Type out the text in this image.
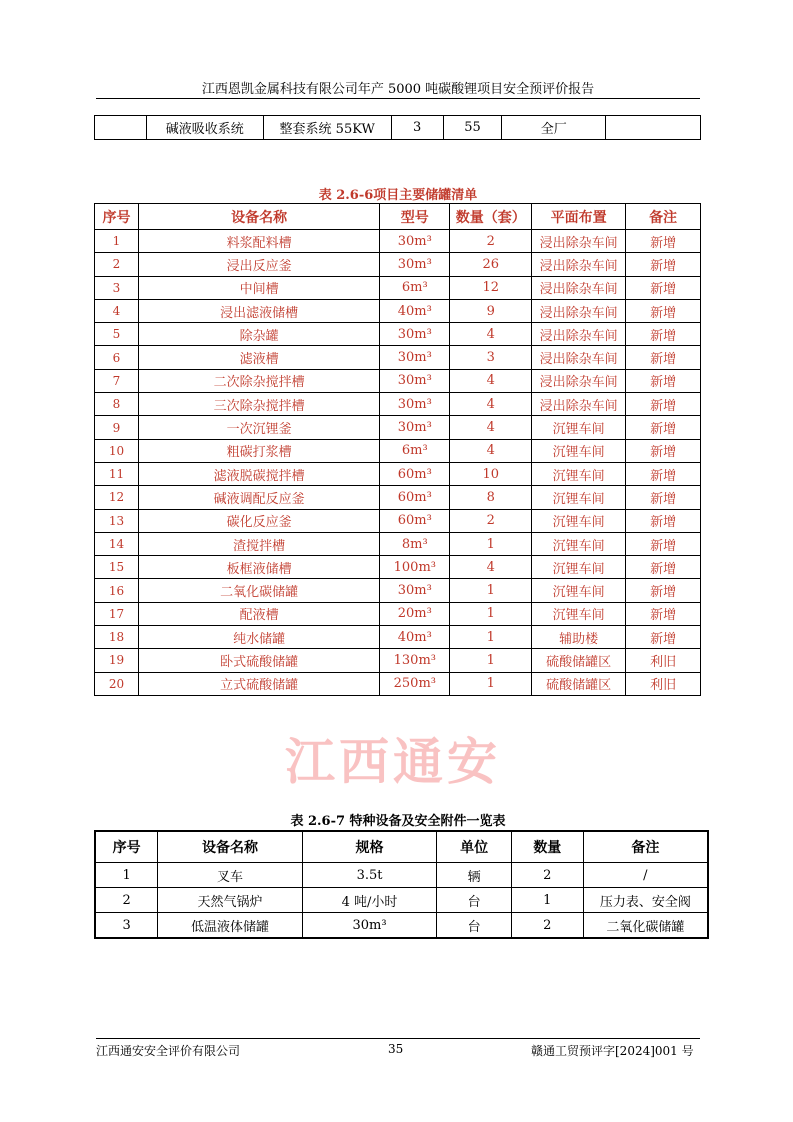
江西恩凯金属科技有限公司年产 5000 吨碳酸锂项目安全预评价报告
	碱液吸收系统	整套系统 55KW	3	55	全厂	
表 2.6-6项目主要储罐清单
序号	设备名称	型号	数量（套）	平面布置	备注
1	料浆配料槽	30m³	2	浸出除杂车间	新增
2	浸出反应釜	30m³	26	浸出除杂车间	新增
3	中间槽	6m³	12	浸出除杂车间	新增
4	浸出滤液储槽	40m³	9	浸出除杂车间	新增
5	除杂罐	30m³	4	浸出除杂车间	新增
6	滤液槽	30m³	3	浸出除杂车间	新增
7	二次除杂搅拌槽	30m³	4	浸出除杂车间	新增
8	三次除杂搅拌槽	30m³	4	浸出除杂车间	新增
9	一次沉锂釜	30m³	4	沉锂车间	新增
10	粗碳打浆槽	6m³	4	沉锂车间	新增
11	滤液脱碳搅拌槽	60m³	10	沉锂车间	新增
12	碱液调配反应釜	60m³	8	沉锂车间	新增
13	碳化反应釜	60m³	2	沉锂车间	新增
14	渣搅拌槽	8m³	1	沉锂车间	新增
15	板框液储槽	100m³	4	沉锂车间	新增
16	二氧化碳储罐	30m³	1	沉锂车间	新增
17	配液槽	20m³	1	沉锂车间	新增
18	纯水储罐	40m³	1	辅助楼	新增
19	卧式硫酸储罐	130m³	1	硫酸储罐区	利旧
20	立式硫酸储罐	250m³	1	硫酸储罐区	利旧
江西通安
表 2.6-7 特种设备及安全附件一览表
序号	设备名称	规格	单位	数量	备注
1	叉车	3.5t	辆	2	/
2	天然气锅炉	4 吨/小时	台	1	压力表、安全阀
3	低温液体储罐	30m³	台	2	二氧化碳储罐
江西通安安全评价有限公司	35	赣通工贸预评字[2024]001 号
